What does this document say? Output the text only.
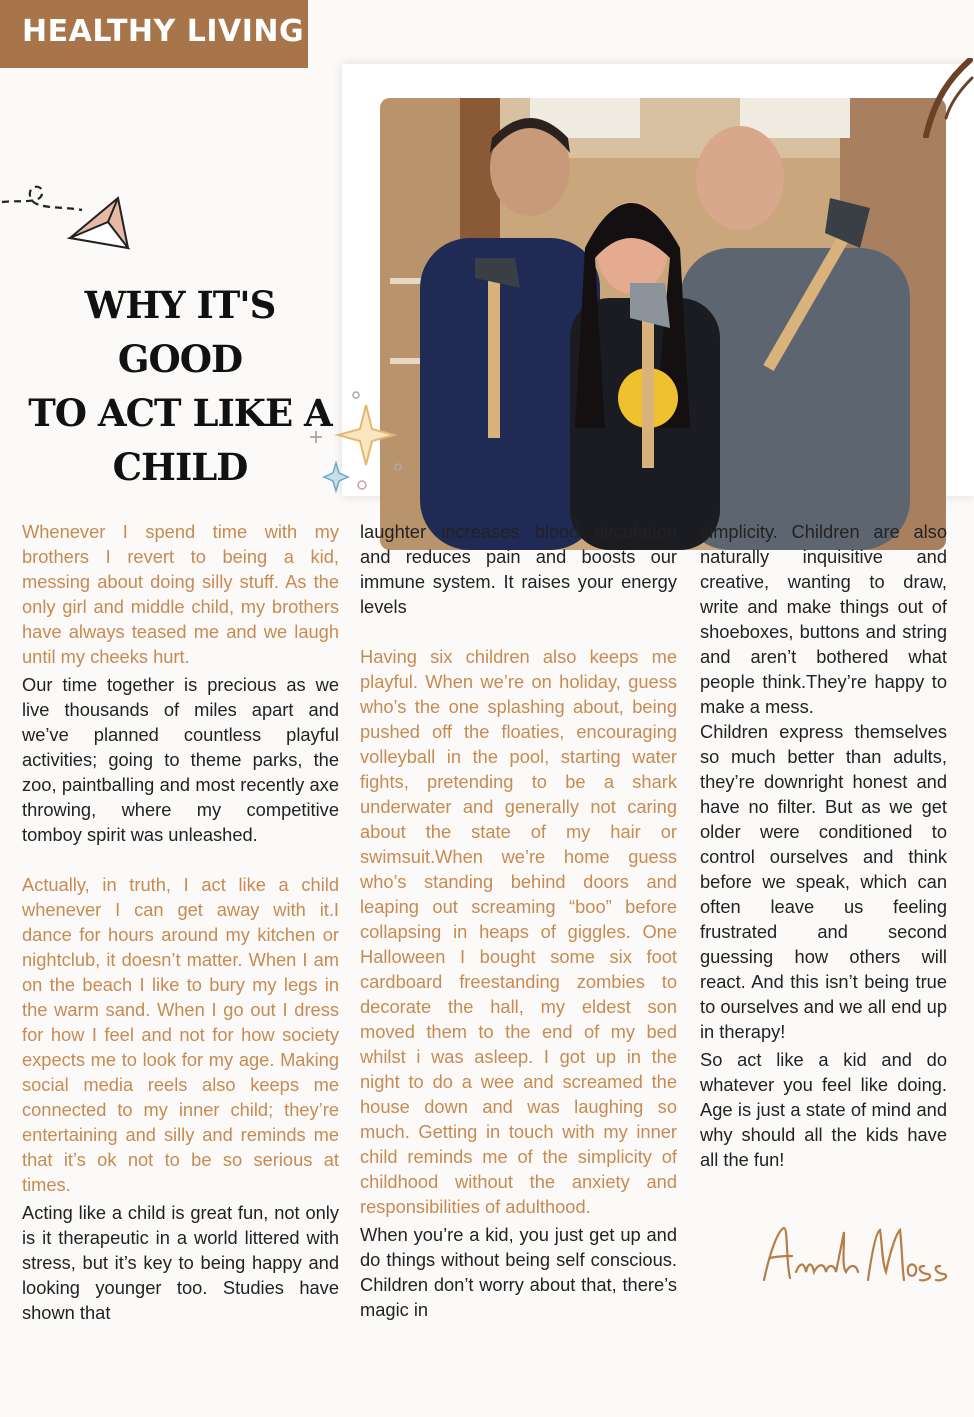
HEALTHY LIVING
WHY IT'S GOOD
TO ACT LIKE A
CHILD

Whenever I spend time with my brothers I revert to being a kid, messing about doing silly stuff. As the only girl and middle child, my brothers have always teased me and we laugh until my cheeks hurt.

Our time together is precious as we live thousands of miles apart and we’ve planned countless playful activities; going to theme parks, the zoo, paintballing and most recently axe throwing, where my competitive tomboy spirit was unleashed.

Actually, in truth, I act like a child whenever I can get away with it.I dance for hours around my kitchen or nightclub, it doesn’t matter. When I am on the beach I like to bury my legs in the warm sand. When I go out I dress for how I feel and not for how society expects me to look for my age. Making social media reels also keeps me connected to my inner child; they’re entertaining and silly and reminds me that it’s ok not to be so serious at times.

Acting like a child is great fun, not only is it therapeutic in a world littered with stress, but it’s key to being happy and looking younger too. Studies have shown that

laughter increases blood circulation and reduces pain and boosts our immune system. It raises your energy levels

Having six children also keeps me playful. When we’re on holiday, guess who’s the one splashing about, being pushed off the floaties, encouraging volleyball in the pool, starting water fights, pretending to be a shark underwater and generally not caring about the state of my hair or swimsuit.When we’re home guess who’s standing behind doors and leaping out screaming “boo” before collapsing in heaps of giggles. One Halloween I bought some six foot cardboard freestanding zombies to decorate the hall, my eldest son moved them to the end of my bed whilst i was asleep. I got up in the night to do a wee and screamed the house down and was laughing so much. Getting in touch with my inner child reminds me of the simplicity of childhood without the anxiety and responsibilities of adulthood.

When you’re a kid, you just get up and do things without being self conscious. Children don’t worry about that, there’s magic in

simplicity. Children are also naturally inquisitive and creative, wanting to draw, write and make things out of shoeboxes, buttons and string and aren’t bothered what people think.They’re happy to make a mess.

Children express themselves so much better than adults, they’re downright honest and have no filter. But as we get older were conditioned to control ourselves and think before we speak, which can often leave us feeling frustrated and second guessing how others will react. And this isn’t being true to ourselves and we all end up in therapy!

So act like a kid and do whatever you feel like doing. Age is just a state of mind and why should all the kids have all the fun!
